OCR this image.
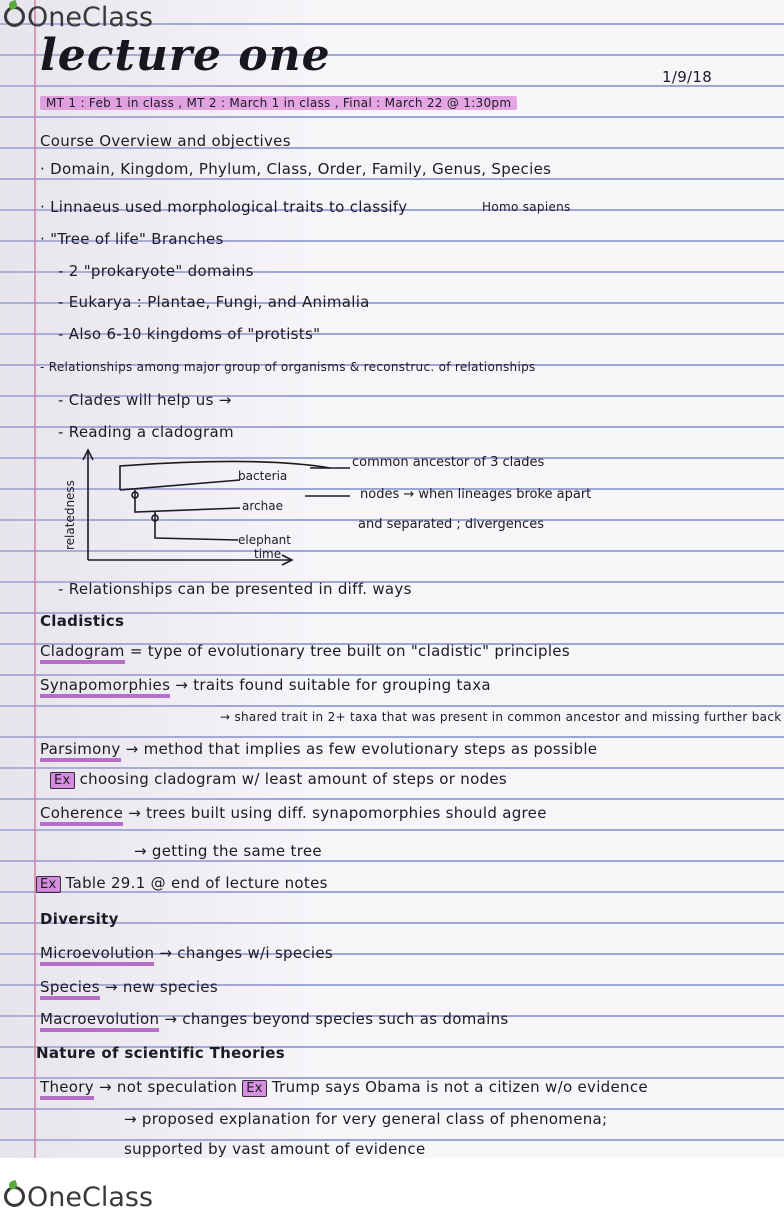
lecture one	1/9/18
MT 1 : Feb 1 in class , MT 2 : March 1 in class , Final : March 22 @ 1:30pm
Course Overview and objectives
· Domain, Kingdom, Phylum, Class, Order, Family, Genus, Species
· Linnaeus used morphological traits to classify	Homo sapiens
· "Tree of life" Branches
- 2 "prokaryote" domains
- Eukarya : Plantae, Fungi, and Animalia
- Also 6-10 kingdoms of "protists"
- Relationships among major group of organisms & reconstruc. of relationships
- Clades will help us →
- Reading a cladogram
relatedness
time
bacteria
archae
elephant
common ancestor of 3 clades
nodes → when lineages broke apart
and separated ; divergences
- Relationships can be presented in diff. ways
Cladistics
Cladogram = type of evolutionary tree built on "cladistic" principles
Synapomorphies → traits found suitable for grouping taxa
→ shared trait in 2+ taxa that was present in common ancestor and missing further back
Parsimony → method that implies as few evolutionary steps as possible
Ex choosing cladogram w/ least amount of steps or nodes
Coherence → trees built using diff. synapomorphies should agree
→ getting the same tree
Ex Table 29.1 @ end of lecture notes
Diversity
Microevolution → changes w/i species
Species → new species
Macroevolution → changes beyond species such as domains
Nature of scientific Theories
Theory → not speculation Ex Trump says Obama is not a citizen w/o evidence
→ proposed explanation for very general class of phenomena;
supported by vast amount of evidence
OneClass
OneClass
